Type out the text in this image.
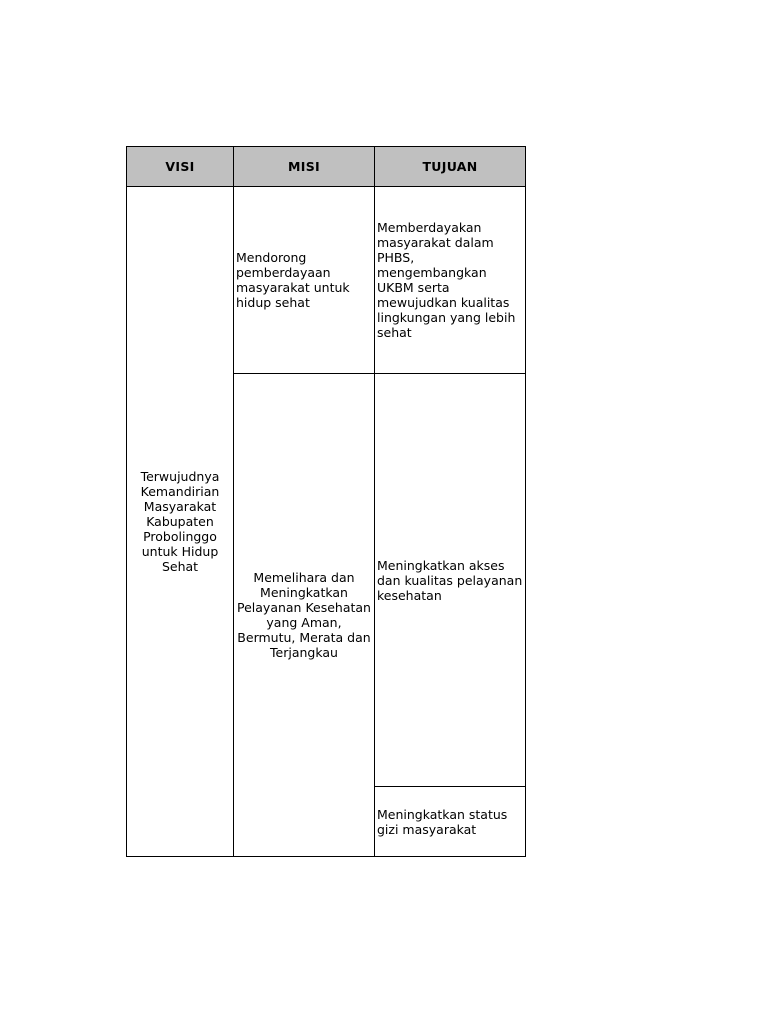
VISI	MISI	TUJUAN

Terwujudnya Kemandirian Masyarakat Kabupaten Probolinggo untuk Hidup Sehat	Mendorong pemberdayaan masyarakat untuk hidup sehat	Memberdayakan masyarakat dalam PHBS, mengembangkan UKBM serta mewujudkan kualitas lingkungan yang lebih sehat

	Memelihara dan Meningkatkan Pelayanan Kesehatan yang Aman, Bermutu, Merata dan Terjangkau	Meningkatkan akses dan kualitas pelayanan kesehatan

		Meningkatkan status gizi masyarakat
